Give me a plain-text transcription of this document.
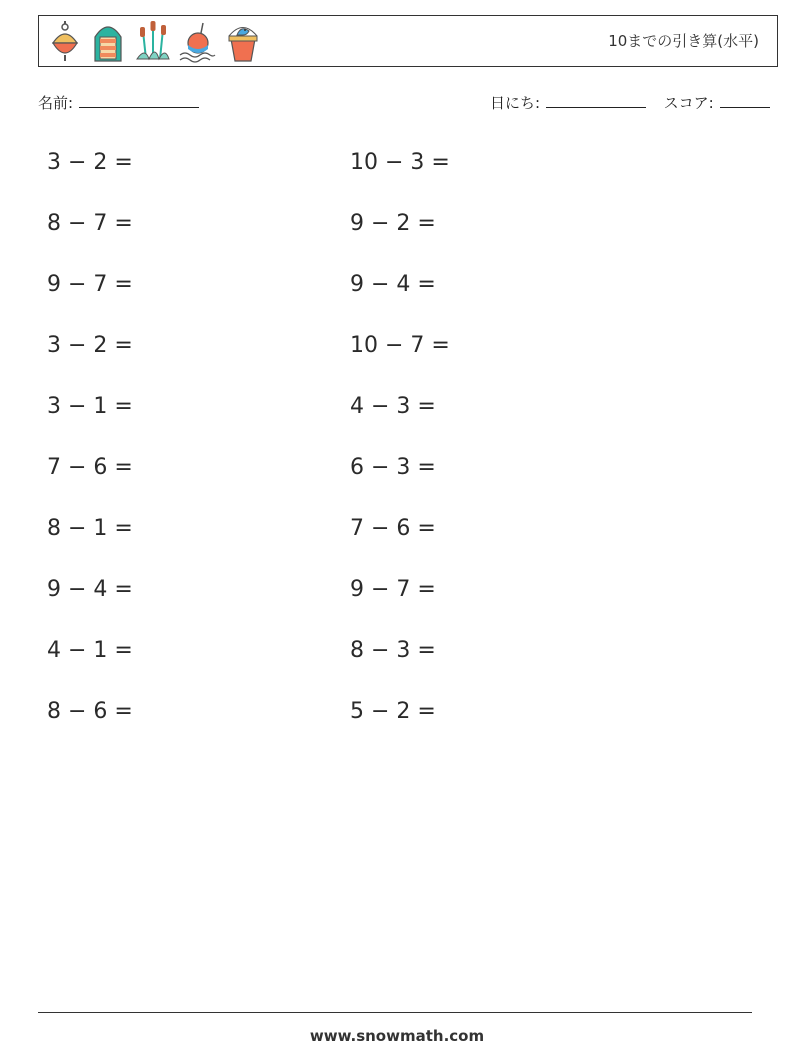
10までの引き算(水平)
名前:	日にち:	スコア:
3 − 2 =
8 − 7 =
9 − 7 =
3 − 2 =
3 − 1 =
7 − 6 =
8 − 1 =
9 − 4 =
4 − 1 =
8 − 6 =
10 − 3 =
9 − 2 =
9 − 4 =
10 − 7 =
4 − 3 =
6 − 3 =
7 − 6 =
9 − 7 =
8 − 3 =
5 − 2 =
www.snowmath.com
